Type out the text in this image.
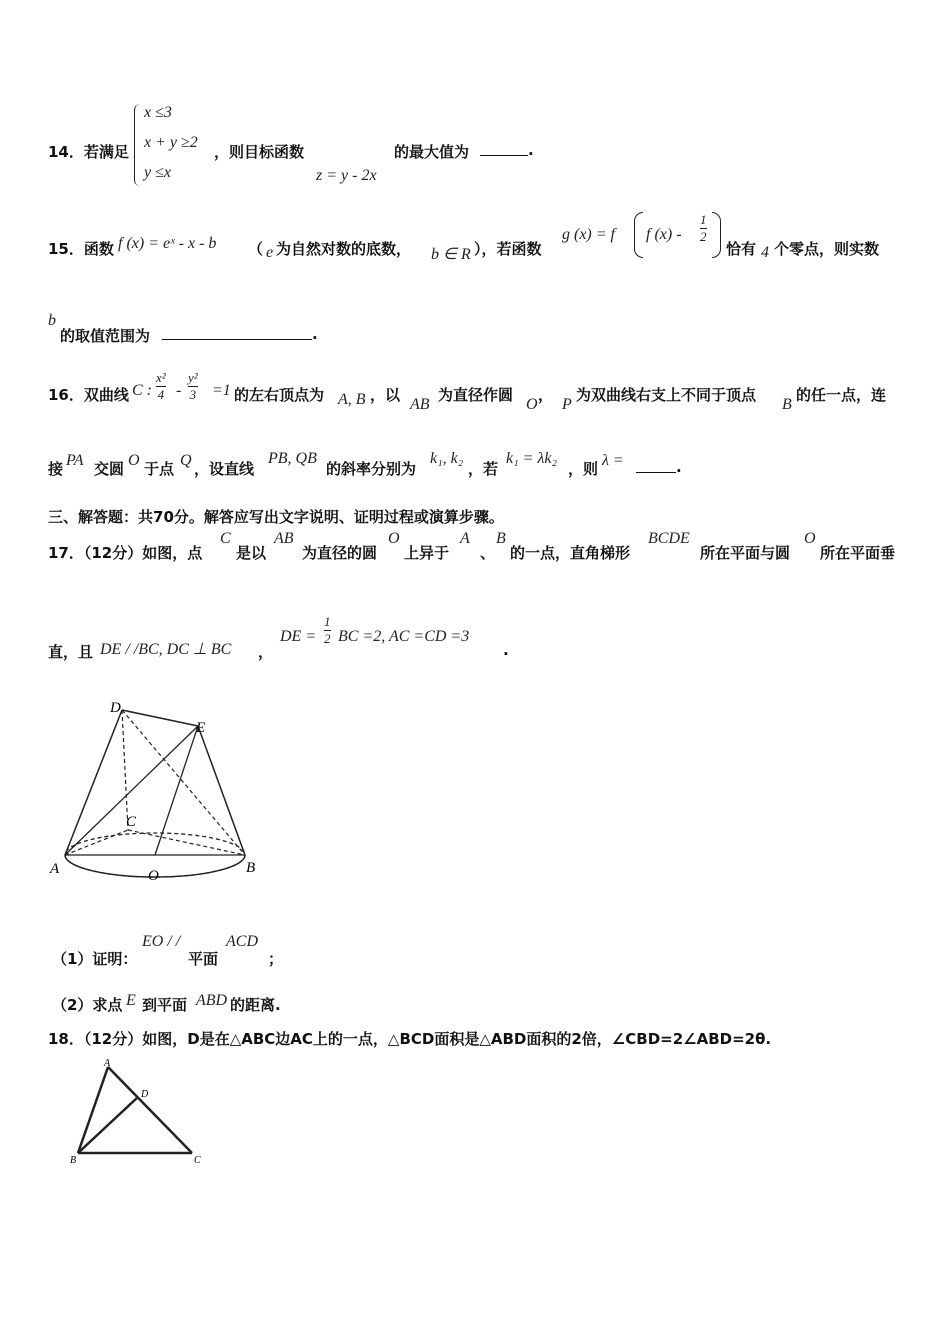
14．若满足
x ≤3
x + y ≥2
y ≤x
，则目标函数
z = y - 2x
的最大值为	.
15．函数 f (x) = eˣ - x - b （ e 为自然对数的底数， b ∈ R ），若函数
g (x) = f f (x) -
1
2
恰有 4 个零点，则实数
b
的取值范围为	.
16．双曲线 C :
x²
4 -
y²
3 =1 的左右顶点为 A, B ，以
AB
为直径作圆
O
，
P
为双曲线右支上不同于顶点
B
的任一点，连
接 PA 交圆 O 于点 Q ，设直线
PB, QB
的斜率分别为
k₁, k₂
，若
k₁ = λk₂
，则 λ =	.
三、解答题：共70分。解答应写出文字说明、证明过程或演算步骤。
17．（12分）如图，点
C
是以
AB
为直径的圆
O
上异于
A
、
B
的一点，直角梯形
BCDE
所在平面与圆
O
所在平面垂
直，且 DE / /BC, DC ⊥ BC ，
DE =
1
2 BC =2, AC =CD =3
.
D
E
C
A	O	B
（1）证明：
EO / /
平面
ACD
；
（2）求点 E 到平面 ABD 的距离.
18．（12分）如图，D是在△ABC边AC上的一点，△BCD面积是△ABD面积的2倍，∠CBD=2∠ABD=2θ.
A
D
B	C
